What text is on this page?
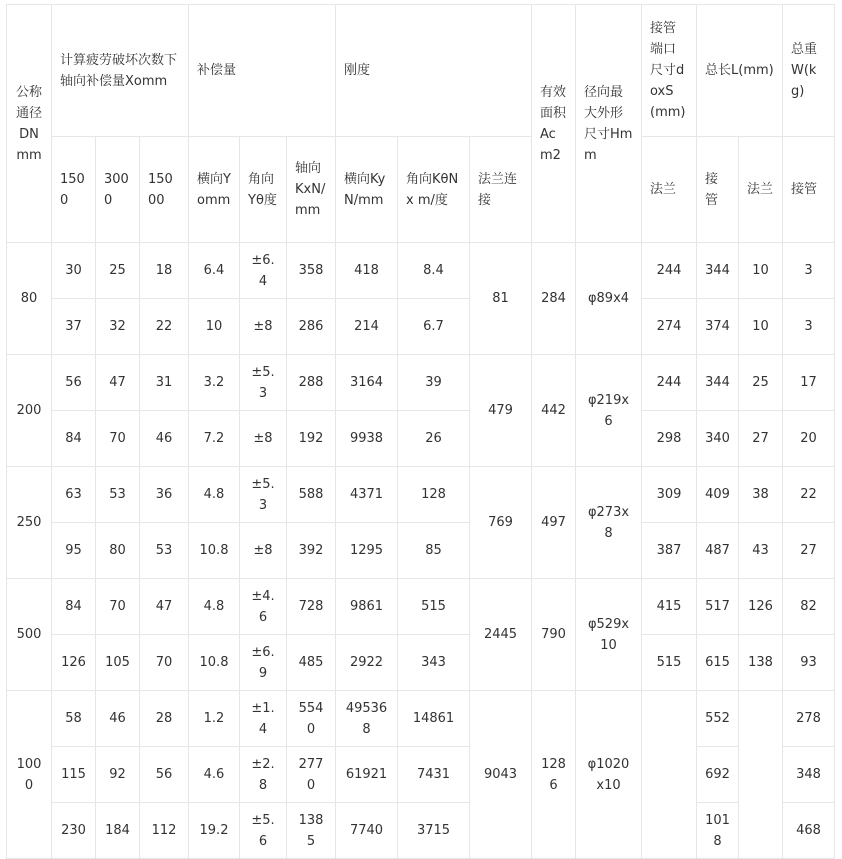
公称通径DNmm	计算疲劳破坏次数下轴向补偿量Xomm			补偿量			刚度			有效面积Acm2	径向最大外形尺寸Hmm	接管端口尺寸doxS(mm)	总长L(mm)		总重W(kg)
	1500	3000	15000	横向Yomm	角向Yθ度	轴向KxN/mm	横向KyN/mm	角向KθN x m/度	法兰连接			法兰	接管	法兰	接管
80	30	25	18	6.4	±6.4	358	418	8.4	81	284	φ89x4	244	344	10	3
	37	32	22	10	±8	286	214	6.7				274	374	10	3
200	56	47	31	3.2	±5.3	288	3164	39	479	442	φ219x6	244	344	25	17
	84	70	46	7.2	±8	192	9938	26				298	340	27	20
250	63	53	36	4.8	±5.3	588	4371	128	769	497	φ273x8	309	409	38	22
	95	80	53	10.8	±8	392	1295	85				387	487	43	27
500	84	70	47	4.8	±4.6	728	9861	515	2445	790	φ529x10	415	517	126	82
	126	105	70	10.8	±6.9	485	2922	343				515	615	138	93
1000	58	46	28	1.2	±1.4	5540	495368	14861	9043	1286	φ1020x10		552		278
	115	92	56	4.6	±2.8	2770	61921	7431					692		348
	230	184	112	19.2	±5.6	1385	7740	3715					1018		468
